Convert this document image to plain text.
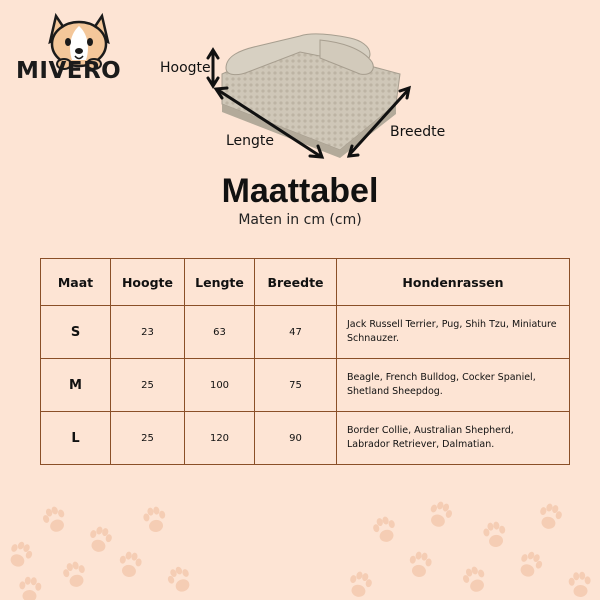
MIVERO	Hoogte
Lengte
Breedte
Maattabel
Maten in cm (cm)
Maat	Hoogte	Lengte	Breedte	Hondenrassen
S	23	63	47	Jack Russell Terrier, Pug, Shih Tzu, Miniature Schnauzer.
M	25	100	75	Beagle, French Bulldog, Cocker Spaniel, Shetland Sheepdog.
L	25	120	90	Border Collie, Australian Shepherd, Labrador Retriever, Dalmatian.
